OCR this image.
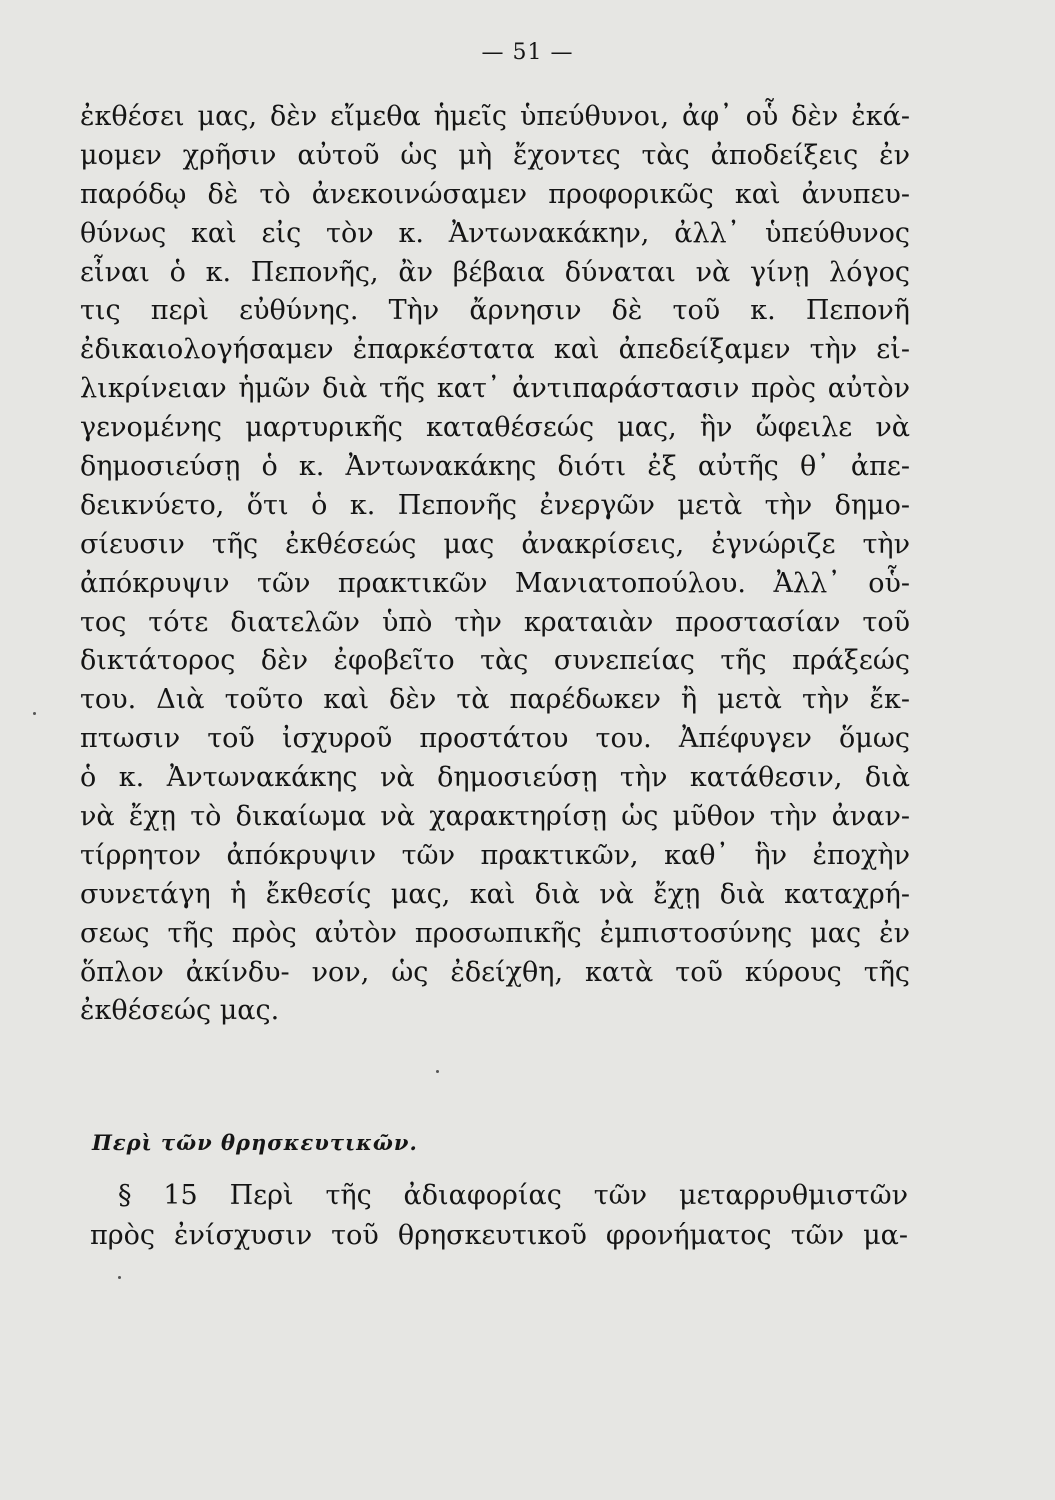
— 51 —
ἐκθέσει μας, δὲν εἴμεθα ἡμεῖς ὑπεύθυνοι, ἀφ᾽ οὗ δὲν ἐκά-
μομεν χρῆσιν αὐτοῦ ὡς μὴ ἔχοντες τὰς ἀποδείξεις ἐν
παρόδῳ δὲ τὸ ἀνεκοινώσαμεν προφορικῶς καὶ ἀνυπευ-
θύνως καὶ εἰς τὸν κ. Ἀντωνακάκην, ἀλλ᾽ ὑπεύθυνος
εἶναι ὁ κ. Πεπονῆς, ἂν βέβαια δύναται νὰ γίνῃ λόγος
τις περὶ εὐθύνης. Τὴν ἄρνησιν δὲ τοῦ κ. Πεπονῆ
ἐδικαιολογήσαμεν ἐπαρκέστατα καὶ ἀπεδείξαμεν τὴν εἰ-
λικρίνειαν ἡμῶν διὰ τῆς κατ᾽ ἀντιπαράστασιν πρὸς αὐτὸν
γενομένης μαρτυρικῆς καταθέσεώς μας, ἣν ὤφειλε νὰ
δημοσιεύσῃ ὁ κ. Ἀντωνακάκης διότι ἐξ αὐτῆς θ᾽ ἀπε-
δεικνύετο, ὅτι ὁ κ. Πεπονῆς ἐνεργῶν μετὰ τὴν δημο-
σίευσιν τῆς ἐκθέσεώς μας ἀνακρίσεις, ἐγνώριζε τὴν
ἀπόκρυψιν τῶν πρακτικῶν Μανιατοπούλου. Ἀλλ᾽ οὗ-
τος τότε διατελῶν ὑπὸ τὴν κραταιὰν προστασίαν τοῦ
δικτάτορος δὲν ἐφοβεῖτο τὰς συνεπείας τῆς πράξεώς
του. Διὰ τοῦτο καὶ δὲν τὰ παρέδωκεν ἢ μετὰ τὴν ἔκ-
πτωσιν τοῦ ἰσχυροῦ προστάτου του. Ἀπέφυγεν ὅμως
ὁ κ. Ἀντωνακάκης νὰ δημοσιεύσῃ τὴν κατάθεσιν, διὰ
νὰ ἔχῃ τὸ δικαίωμα νὰ χαρακτηρίσῃ ὡς μῦθον τὴν ἀναν-
τίρρητον ἀπόκρυψιν τῶν πρακτικῶν, καθ᾽ ἣν ἐποχὴν
συνετάγη ἡ ἔκθεσίς μας, καὶ διὰ νὰ ἔχῃ διὰ καταχρή-
σεως τῆς πρὸς αὐτὸν προσωπικῆς ἐμπιστοσύνης μας ἐν
ὅπλον ἀκίνδυ- νον, ὡς ἐδείχθη, κατὰ τοῦ κύρους τῆς
ἐκθέσεώς μας.
Περὶ τῶν θρησκευτικῶν.
§ 15 Περὶ τῆς ἀδιαφορίας τῶν μεταρρυθμιστῶν
πρὸς ἐνίσχυσιν τοῦ θρησκευτικοῦ φρονήματος τῶν μα-
